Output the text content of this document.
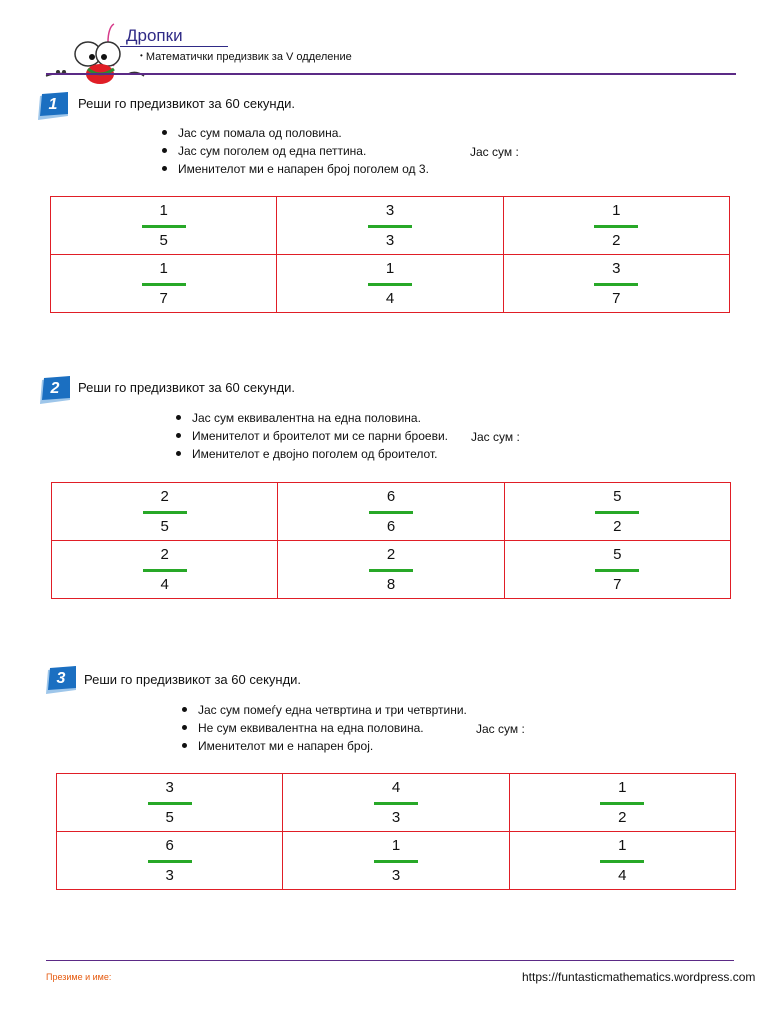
Дропки
• Математички предизвик за V одделение
1	Реши го предизвикот за 60 секунди.
Јас сум помала од половина.
Јас сум поголем од една петтина.
Именителот ми е напарен број поголем од 3.
Јас сум :
$\frac{1}{5}$	$\frac{3}{3}$	$\frac{1}{2}$

$\frac{1}{7}$	$\frac{1}{4}$	$\frac{3}{7}$
2	Реши го предизвикот за 60 секунди.
Јас сум еквивалентна на една половина.
Именителот и броителот ми се парни броеви.
Именителот е двојно поголем од броителот.
Јас сум :
$\frac{2}{5}$	$\frac{6}{6}$	$\frac{5}{2}$

$\frac{2}{4}$	$\frac{2}{8}$	$\frac{5}{7}$
3	Реши го предизвикот за 60 секунди.
Јас сум помеѓу една четвртина и три четвртини.
Не сум еквивалентна на една половина.
Именителот ми е напарен број.
Јас сум :
$\frac{3}{5}$	$\frac{4}{3}$	$\frac{1}{2}$

$\frac{6}{3}$	$\frac{1}{3}$	$\frac{1}{4}$
Презиме и име:	https://funtasticmathematics.wordpress.com
